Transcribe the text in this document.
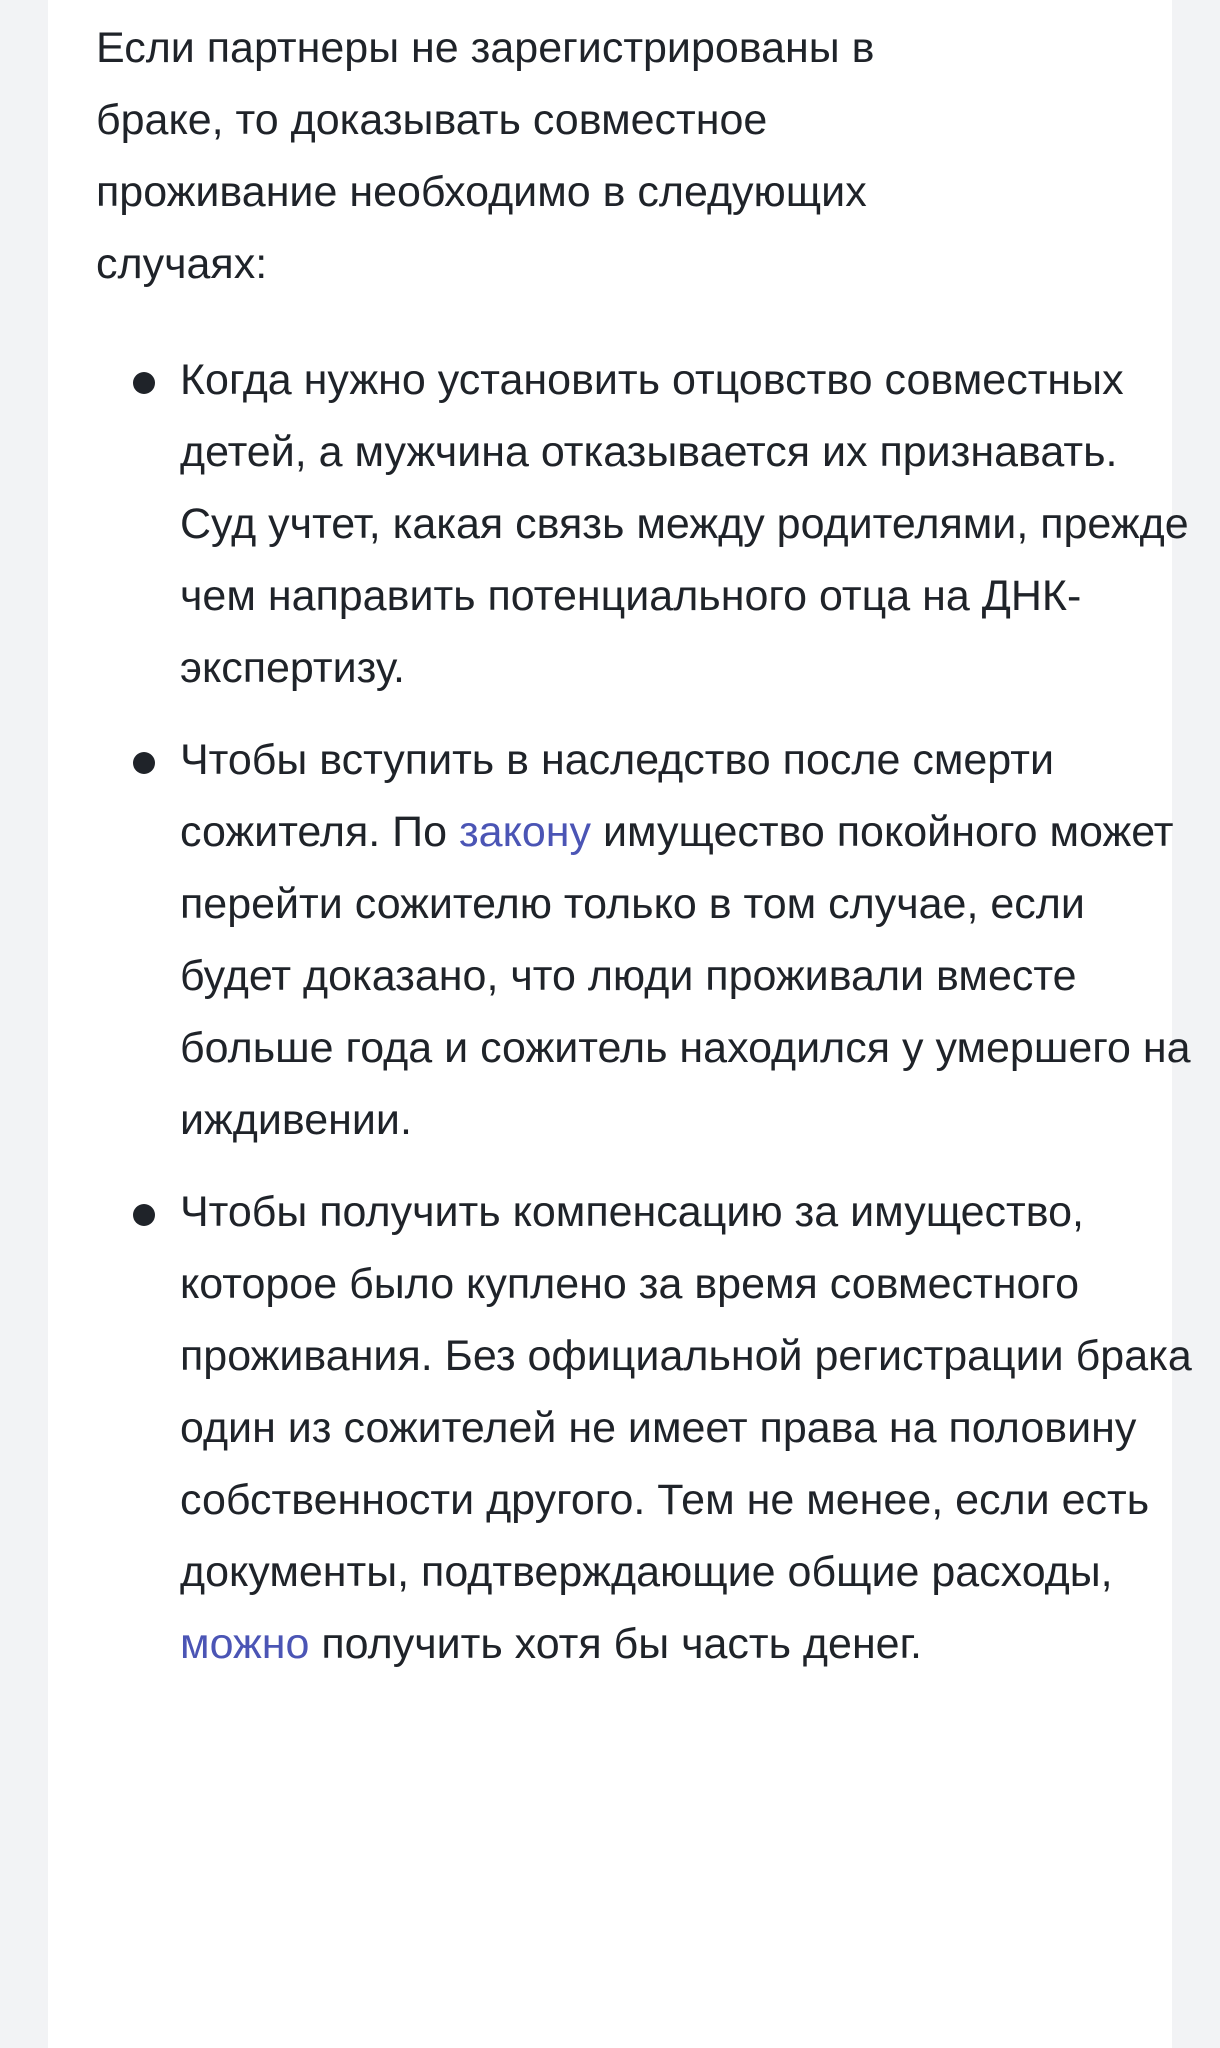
Если партнеры не зарегистрированы в браке, то доказывать совместное проживание необходимо в следующих случаях:

Когда нужно установить отцовство совместных детей, а мужчина отказывается их признавать. Суд учтет, какая связь между родителями, прежде чем направить потенциального отца на ДНК-экспертизу.
Чтобы вступить в наследство после смерти сожителя. По закону имущество покойного может перейти сожителю только в том случае, если будет доказано, что люди проживали вместе больше года и сожитель находился у умершего на иждивении.
Чтобы получить компенсацию за имущество, которое было куплено за время совместного проживания. Без официальной регистрации брака один из сожителей не имеет права на половину собственности другого. Тем не менее, если есть документы, подтверждающие общие расходы, можно получить хотя бы часть денег.
